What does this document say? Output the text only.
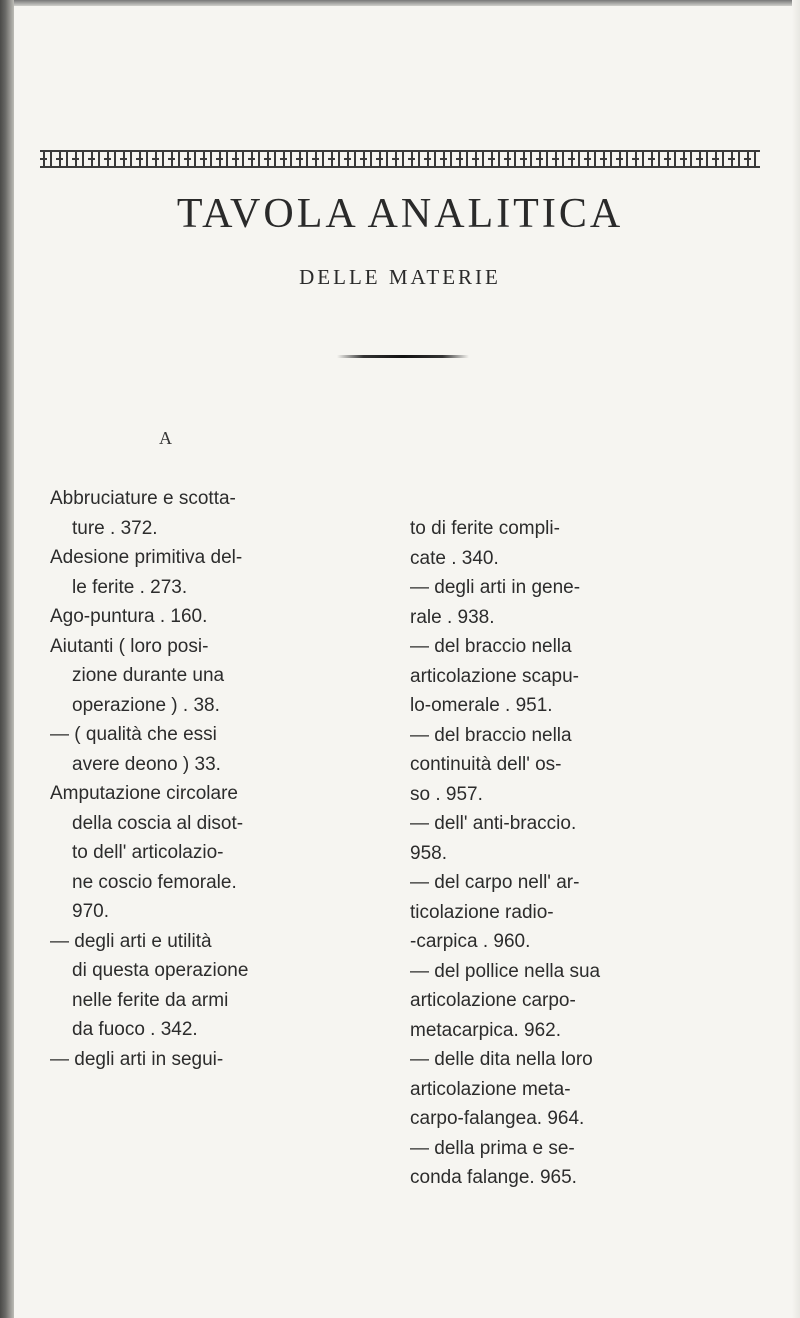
TAVOLA ANALITICA
DELLE MATERIE
A
Abbruciature e scotta-
ture . 372.
Adesione primitiva del-
le ferite . 273.
Ago-puntura . 160.
Aiutanti ( loro posi-
zione durante una
operazione ) . 38.
— ( qualità che essi
avere deono ) 33.
Amputazione circolare
della coscia al disot-
to dell' articolazio-
ne coscio femorale.
970.
— degli arti e utilità
di questa operazione
nelle ferite da armi
da fuoco . 342.
— degli arti in segui-
to di ferite compli-
cate . 340.
— degli arti in gene-
rale . 938.
— del braccio nella
articolazione scapu-
lo-omerale . 951.
— del braccio nella
continuità dell' os-
so . 957.
— dell' anti-braccio.
958.
— del carpo nell' ar-
ticolazione radio-
-carpica . 960.
— del pollice nella sua
articolazione carpo-
metacarpica. 962.
— delle dita nella loro
articolazione meta-
carpo-falangea. 964.
— della prima e se-
conda falange. 965.
